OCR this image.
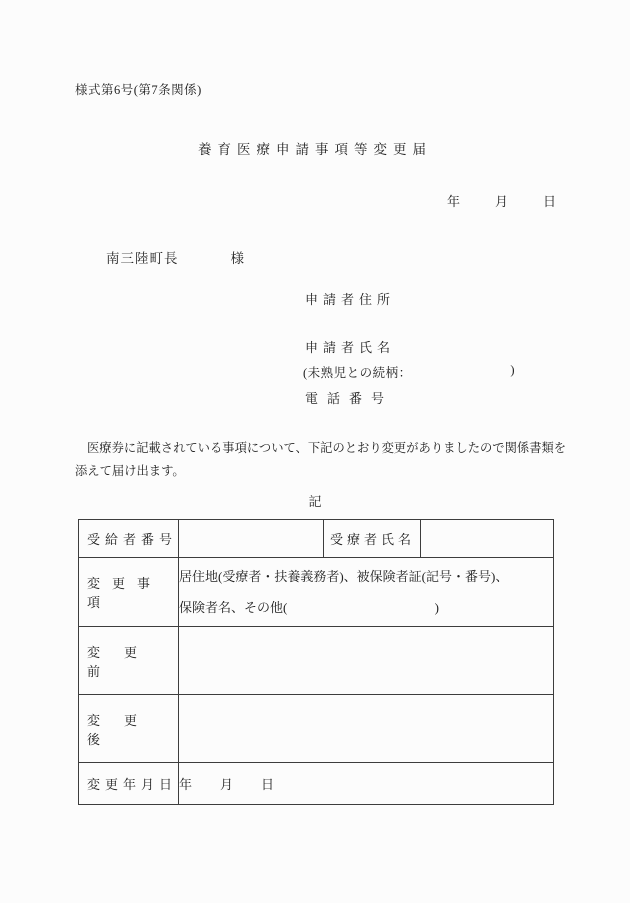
様式第6号(第7条関係)
養育医療申請事項等変更届
年	月	日
南三陸町長	様
申請者住所
申請者氏名
(未熟児との続柄：	)
電話番号
医療券に記載されている事項について、下記のとおり変更がありましたので関係書類を
添えて届け出ます。
記
受給者番号		受療者氏名	
変更事項	居住地(受療者・扶養義務者)、被保険者証(記号・番号)、
保険者名、その他( )		

変更前			
変更後			
変更年月日	年 月 日		
